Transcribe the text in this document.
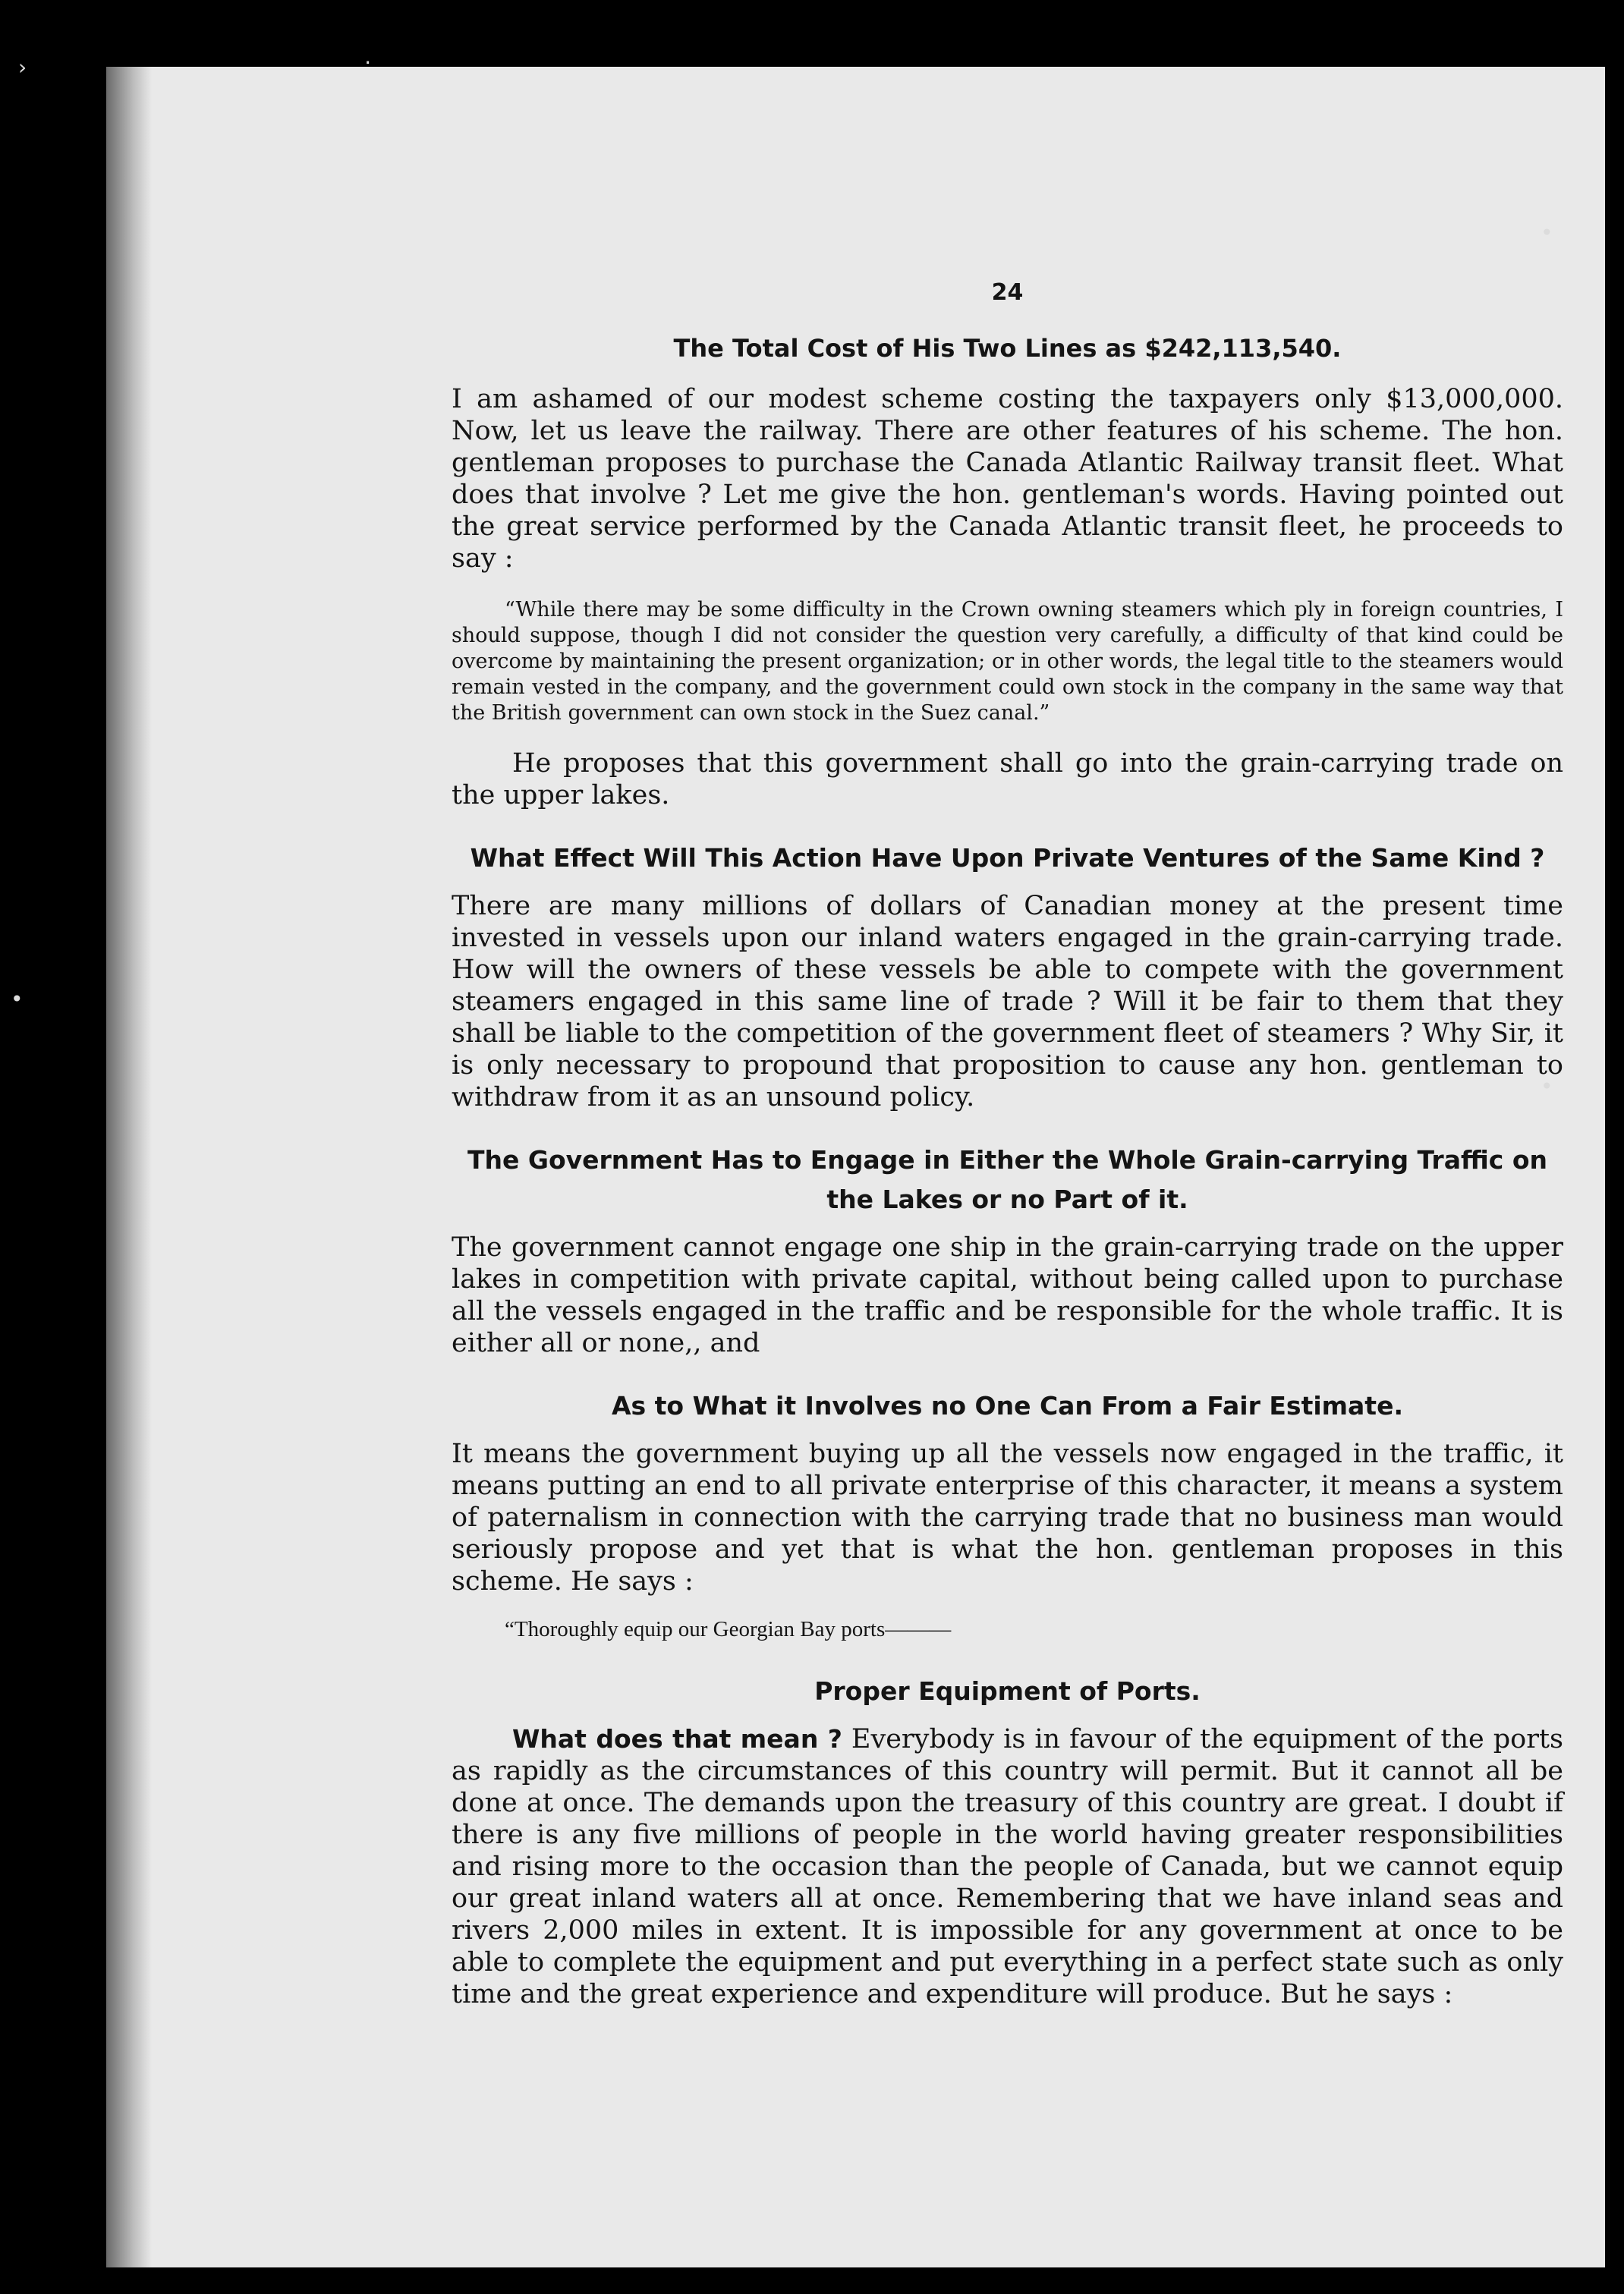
24
The Total Cost of His Two Lines as $242,113,540.

I am ashamed of our modest scheme costing the taxpayers only $13,000,000. Now, let us leave the railway. There are other features of his scheme. The hon. gentleman proposes to purchase the Canada Atlantic Railway transit fleet. What does that involve ? Let me give the hon. gentleman's words. Having pointed out the great service performed by the Canada Atlantic transit fleet, he proceeds to say :

“While there may be some difficulty in the Crown owning steamers which ply in foreign countries, I should suppose, though I did not consider the question very carefully, a difficulty of that kind could be overcome by maintaining the present organization; or in other words, the legal title to the steamers would remain vested in the company, and the government could own stock in the company in the same way that the British government can own stock in the Suez canal.”

He proposes that this government shall go into the grain-carrying trade on the upper lakes.

What Effect Will This Action Have Upon Private Ventures of the Same Kind ?

There are many millions of dollars of Canadian money at the present time invested in vessels upon our inland waters engaged in the grain-carrying trade. How will the owners of these vessels be able to compete with the government steamers engaged in this same line of trade ? Will it be fair to them that they shall be liable to the competition of the government fleet of steamers ? Why Sir, it is only necessary to propound that proposition to cause any hon. gentleman to withdraw from it as an unsound policy.

The Government Has to Engage in Either the Whole Grain-carrying Traffic on the Lakes or no Part of it.

The government cannot engage one ship in the grain-carrying trade on the upper lakes in competition with private capital, without being called upon to purchase all the vessels engaged in the traffic and be responsible for the whole traffic. It is either all or none,, and

As to What it Involves no One Can From a Fair Estimate.

It means the government buying up all the vessels now engaged in the traffic, it means putting an end to all private enterprise of this character, it means a system of paternalism in connection with the carrying trade that no business man would seriously propose and yet that is what the hon. gentleman proposes in this scheme. He says :

“Thoroughly equip our Georgian Bay ports———

Proper Equipment of Ports.

What does that mean ? Everybody is in favour of the equipment of the ports as rapidly as the circumstances of this country will permit. But it cannot all be done at once. The demands upon the treasury of this country are great. I doubt if there is any five millions of people in the world having greater responsibilities and rising more to the occasion than the people of Canada, but we cannot equip our great inland waters all at once. Remembering that we have inland seas and rivers 2,000 miles in extent. It is impossible for any government at once to be able to complete the equipment and put everything in a perfect state such as only time and the great experience and expenditure will produce. But he says :

›	․
•
•
•
